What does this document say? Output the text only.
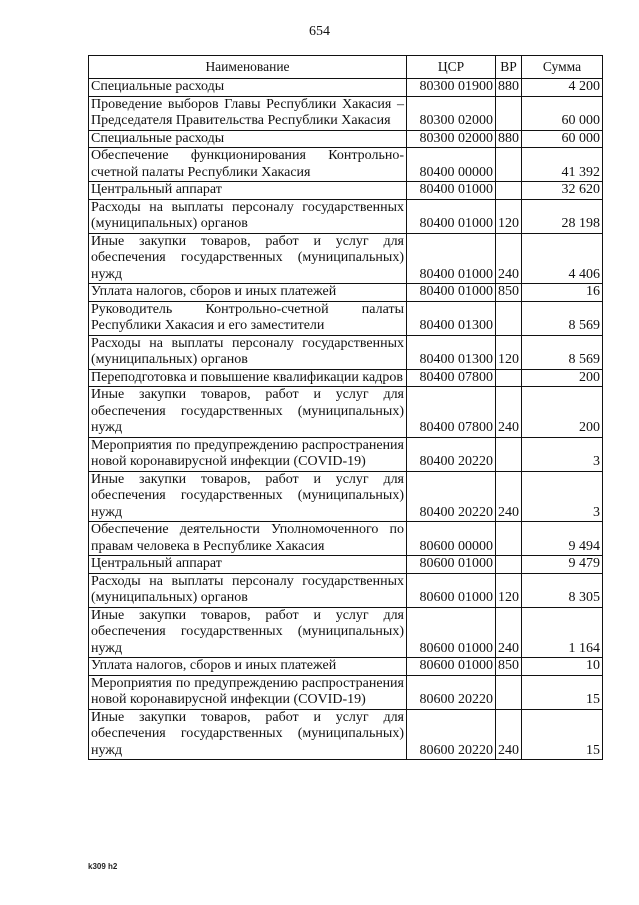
654
Наименование	ЦСР	ВР	Сумма
Специальные расходы	80300 01900	880	4 200
Проведение выборов Главы Республики Хакасия – Председателя Правительства Республики Хакасия	80300 02000		60 000
Специальные расходы	80300 02000	880	60 000
Обеспечение функционирования Контрольно-счетной палаты Республики Хакасия	80400 00000		41 392
Центральный аппарат	80400 01000		32 620
Расходы на выплаты персоналу государственных (муниципальных) органов	80400 01000	120	28 198
Иные закупки товаров, работ и услуг для обеспечения государственных (муниципальных) нужд	80400 01000	240	4 406
Уплата налогов, сборов и иных платежей	80400 01000	850	16
Руководитель Контрольно-счетной палаты Республики Хакасия и его заместители	80400 01300		8 569
Расходы на выплаты персоналу государственных (муниципальных) органов	80400 01300	120	8 569
Переподготовка и повышение квалификации кадров	80400 07800		200
Иные закупки товаров, работ и услуг для обеспечения государственных (муниципальных) нужд	80400 07800	240	200
Мероприятия по предупреждению распространения новой коронавирусной инфекции (COVID-19)	80400 20220		3
Иные закупки товаров, работ и услуг для обеспечения государственных (муниципальных) нужд	80400 20220	240	3
Обеспечение деятельности Уполномоченного по правам человека в Республике Хакасия	80600 00000		9 494
Центральный аппарат	80600 01000		9 479
Расходы на выплаты персоналу государственных (муниципальных) органов	80600 01000	120	8 305
Иные закупки товаров, работ и услуг для обеспечения государственных (муниципальных) нужд	80600 01000	240	1 164
Уплата налогов, сборов и иных платежей	80600 01000	850	10
Мероприятия по предупреждению распространения новой коронавирусной инфекции (COVID-19)	80600 20220		15
Иные закупки товаров, работ и услуг для обеспечения государственных (муниципальных) нужд	80600 20220	240	15
k309 h2
